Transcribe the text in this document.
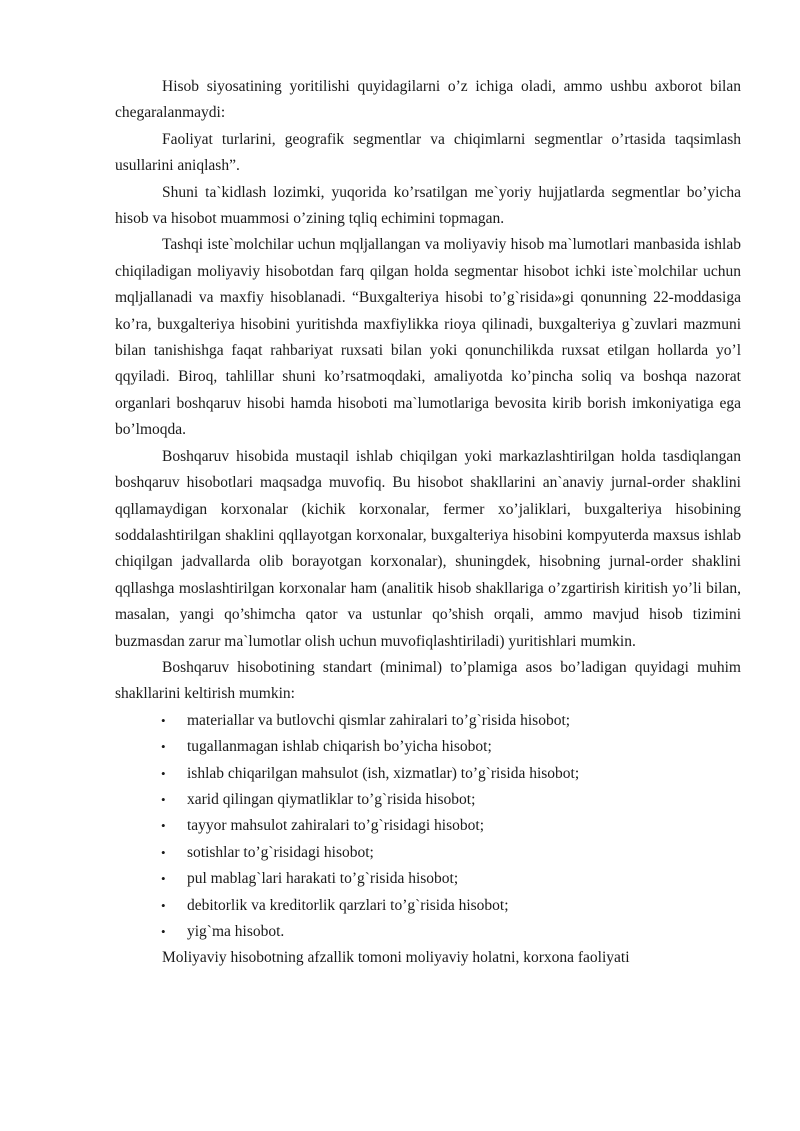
Hisob siyosatining yoritilishi quyidagilarni o’z ichiga oladi, ammo ushbu axborot bilan chegaralanmaydi:

Faoliyat turlarini, geografik segmentlar va chiqimlarni segmentlar o’rtasida taqsimlash usullarini aniqlash”.

Shuni ta`kidlash lozimki, yuqorida ko’rsatilgan me`yoriy hujjatlarda segmentlar bo’yicha hisob va hisobot muammosi o’zining tqliq echimini topmagan.

Tashqi iste`molchilar uchun mqljallangan va moliyaviy hisob ma`lumotlari manbasida ishlab chiqiladigan moliyaviy hisobotdan farq qilgan holda segmentar hisobot ichki iste`molchilar uchun mqljallanadi va maxfiy hisoblanadi. “Buxgalteriya hisobi to’g`risida»gi qonunning 22-moddasiga ko’ra, buxgalteriya hisobini yuritishda maxfiylikka rioya qilinadi, buxgalteriya g`zuvlari mazmuni bilan tanishishga faqat rahbariyat ruxsati bilan yoki qonunchilikda ruxsat etilgan hollarda yo’l qqyiladi. Biroq, tahlillar shuni ko’rsatmoqdaki, amaliyotda ko’pincha soliq va boshqa nazorat organlari boshqaruv hisobi hamda hisoboti ma`lumotlariga bevosita kirib borish imkoniyatiga ega bo’lmoqda.

Boshqaruv hisobida mustaqil ishlab chiqilgan yoki markazlashtirilgan holda tasdiqlangan boshqaruv hisobotlari maqsadga muvofiq. Bu hisobot shakllarini an`anaviy jurnal-order shaklini qqllamaydigan korxonalar (kichik korxonalar, fermer xo’jaliklari, buxgalteriya hisobining soddalashtirilgan shaklini qqllayotgan korxonalar, buxgalteriya hisobini kompyuterda maxsus ishlab chiqilgan jadvallarda olib borayotgan korxonalar), shuningdek, hisobning jurnal-order shaklini qqllashga moslashtirilgan korxonalar ham (analitik hisob shakllariga o’zgartirish kiritish yo’li bilan, masalan, yangi qo’shimcha qator va ustunlar qo’shish orqali, ammo mavjud hisob tizimini buzmasdan zarur ma`lumotlar olish uchun muvofiqlashtiriladi) yuritishlari mumkin.

Boshqaruv hisobotining standart (minimal) to’plamiga asos bo’ladigan quyidagi muhim shakllarini keltirish mumkin:

• materiallar va butlovchi qismlar zahiralari to’g`risida hisobot;
• tugallanmagan ishlab chiqarish bo’yicha hisobot;
• ishlab chiqarilgan mahsulot (ish, xizmatlar) to’g`risida hisobot;
• xarid qilingan qiymatliklar to’g`risida hisobot;
• tayyor mahsulot zahiralari to’g`risidagi hisobot;
• sotishlar to’g`risidagi hisobot;
• pul mablag`lari harakati to’g`risida hisobot;
• debitorlik va kreditorlik qarzlari to’g`risida hisobot;
• yig`ma hisobot.

Moliyaviy hisobotning afzallik tomoni moliyaviy holatni, korxona faoliyati
